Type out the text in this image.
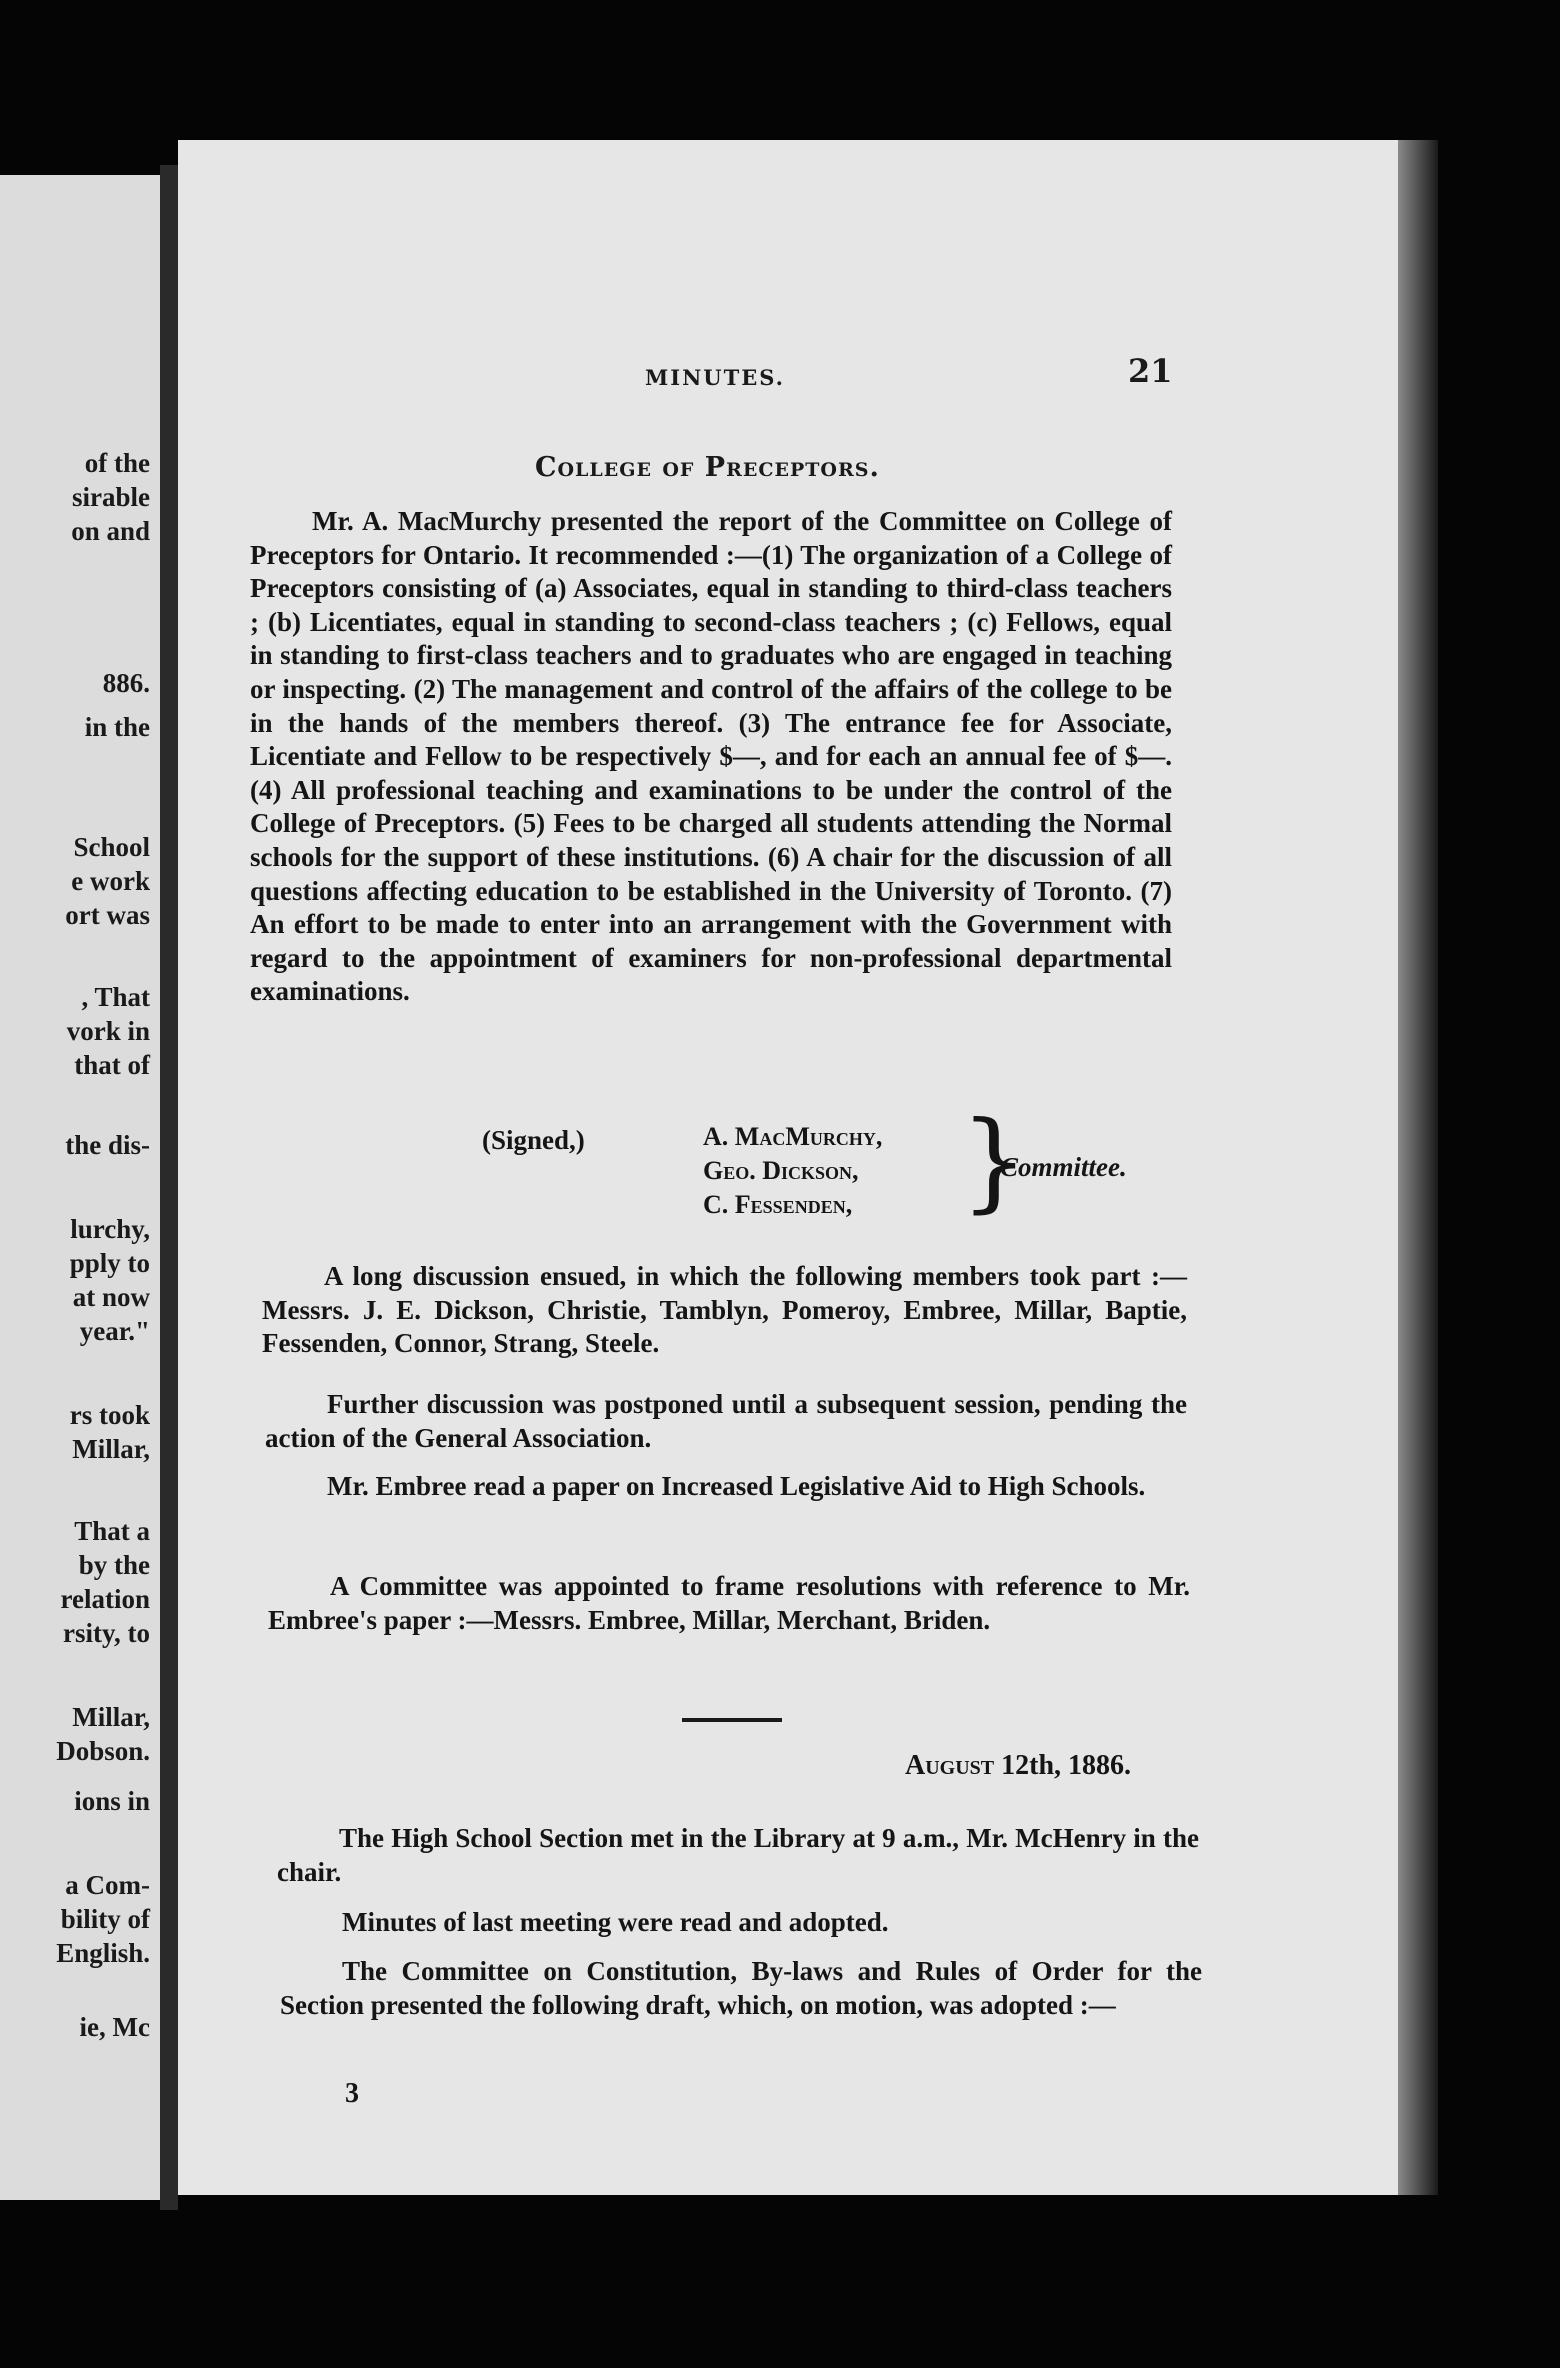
of the
sirable
on and
886.
in the
School
e work
ort was
, That
vork in
that of
the dis-
lurchy,
pply to
at now
year."
rs took
Millar,
That a
by the
relation
rsity, to
Millar,
Dobson.
ions in
a Com-
bility of
English.
ie, Mc
MINUTES.	21
College of Preceptors.

Mr. A. MacMurchy presented the report of the Committee on College of Preceptors for Ontario. It recommended :—(1) The organization of a College of Preceptors consisting of (a) Associates, equal in standing to third-class teachers ; (b) Licentiates, equal in standing to second-class teachers ; (c) Fellows, equal in standing to first-class teachers and to graduates who are engaged in teaching or inspecting. (2) The management and control of the affairs of the college to be in the hands of the members thereof. (3) The entrance fee for Associate, Licentiate and Fellow to be respectively $—, and for each an annual fee of $—. (4) All professional teaching and examinations to be under the control of the College of Preceptors. (5) Fees to be charged all students attending the Normal schools for the support of these institutions. (6) A chair for the discussion of all questions affecting education to be established in the University of Toronto. (7) An effort to be made to enter into an arrangement with the Government with regard to the appointment of examiners for non-professional departmental examinations.

(Signed,)	A. MacMurchy,
Geo. Dickson,
C. Fessenden, }
Committee.

A long discussion ensued, in which the following members took part :—Messrs. J. E. Dickson, Christie, Tamblyn, Pomeroy, Embree, Millar, Baptie, Fessenden, Connor, Strang, Steele.

Further discussion was postponed until a subsequent session, pending the action of the General Association.

Mr. Embree read a paper on Increased Legislative Aid to High Schools.

A Committee was appointed to frame resolutions with reference to Mr. Embree's paper :—Messrs. Embree, Millar, Merchant, Briden.

August 12th, 1886.

The High School Section met in the Library at 9 a.m., Mr. McHenry in the chair.

Minutes of last meeting were read and adopted.

The Committee on Constitution, By-laws and Rules of Order for the Section presented the following draft, which, on motion, was adopted :—

3
